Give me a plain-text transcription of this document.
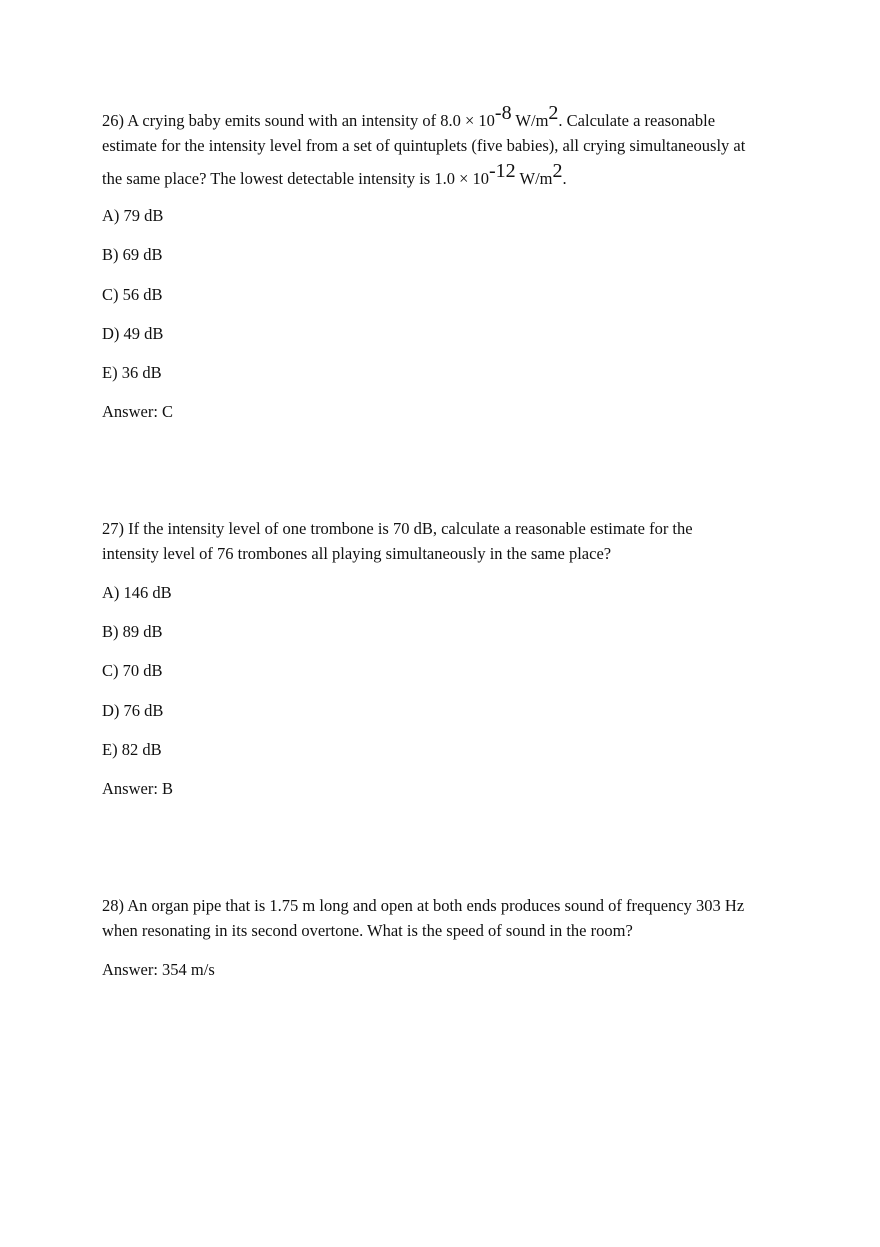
26) A crying baby emits sound with an intensity of $8.0 \times 10^{-8}$ $W/m^2$. Calculate a reasonable
estimate for the intensity level from a set of quintuplets (five babies), all crying simultaneously at
the same place? The lowest detectable intensity is $1.0 \times 10^{-12}$ $W/m^2$.
A) 79 dB
B) 69 dB
C) 56 dB
D) 49 dB
E) 36 dB
Answer: C
27) If the intensity level of one trombone is 70 dB, calculate a reasonable estimate for the
intensity level of 76 trombones all playing simultaneously in the same place?
A) 146 dB
B) 89 dB
C) 70 dB
D) 76 dB
E) 82 dB
Answer: B
28) An organ pipe that is 1.75 m long and open at both ends produces sound of frequency 303 Hz
when resonating in its second overtone. What is the speed of sound in the room?
Answer: 354 m/s
